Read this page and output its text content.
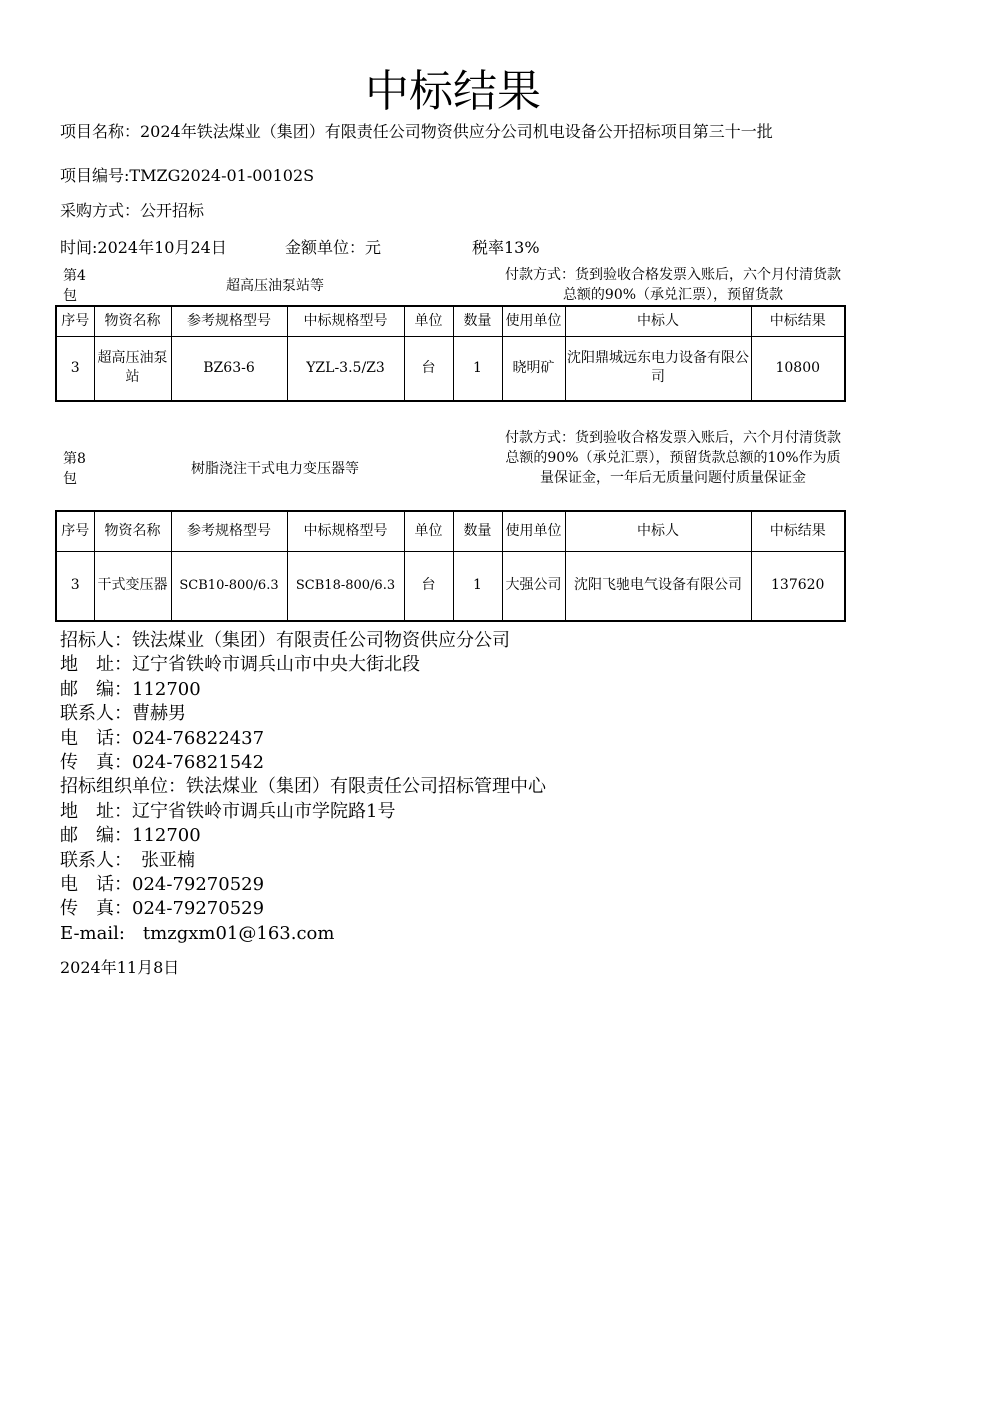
中标结果
项目名称：2024年铁法煤业（集团）有限责任公司物资供应分公司机电设备公开招标项目第三十一批
项目编号:TMZG2024-01-00102S
采购方式：公开招标
时间:2024年10月24日	金额单位：元	税率13%
第4包
超高压油泵站等
付款方式：货到验收合格发票入账后，六个月付清货款总额的90%（承兑汇票），预留货款
序号	物资名称	参考规格型号	中标规格型号	单位	数量	使用单位	中标人	中标结果
3	超高压油泵站	BZ63-6	YZL-3.5/Z3	台	1	晓明矿	沈阳鼎城远东电力设备有限公司	10800
第8包
树脂浇注干式电力变压器等
付款方式：货到验收合格发票入账后，六个月付清货款总额的90%（承兑汇票），预留货款总额的10%作为质量保证金，一年后无质量问题付质量保证金
序号	物资名称	参考规格型号	中标规格型号	单位	数量	使用单位	中标人	中标结果
3	干式变压器	SCB10-800/6.3	SCB18-800/6.3	台	1	大强公司	沈阳飞驰电气设备有限公司	137620
招标人：铁法煤业（集团）有限责任公司物资供应分公司
地　址：辽宁省铁岭市调兵山市中央大街北段
邮　编：112700
联系人：曹赫男
电　话：024-76822437
传　真：024-76821542
招标组织单位：铁法煤业（集团）有限责任公司招标管理中心
地　址：辽宁省铁岭市调兵山市学院路1号
邮　编：112700
联系人：　张亚楠
电　话：024-79270529
传　真：024-79270529
E-mail:　tmzgxm01@163.com
2024年11月8日
